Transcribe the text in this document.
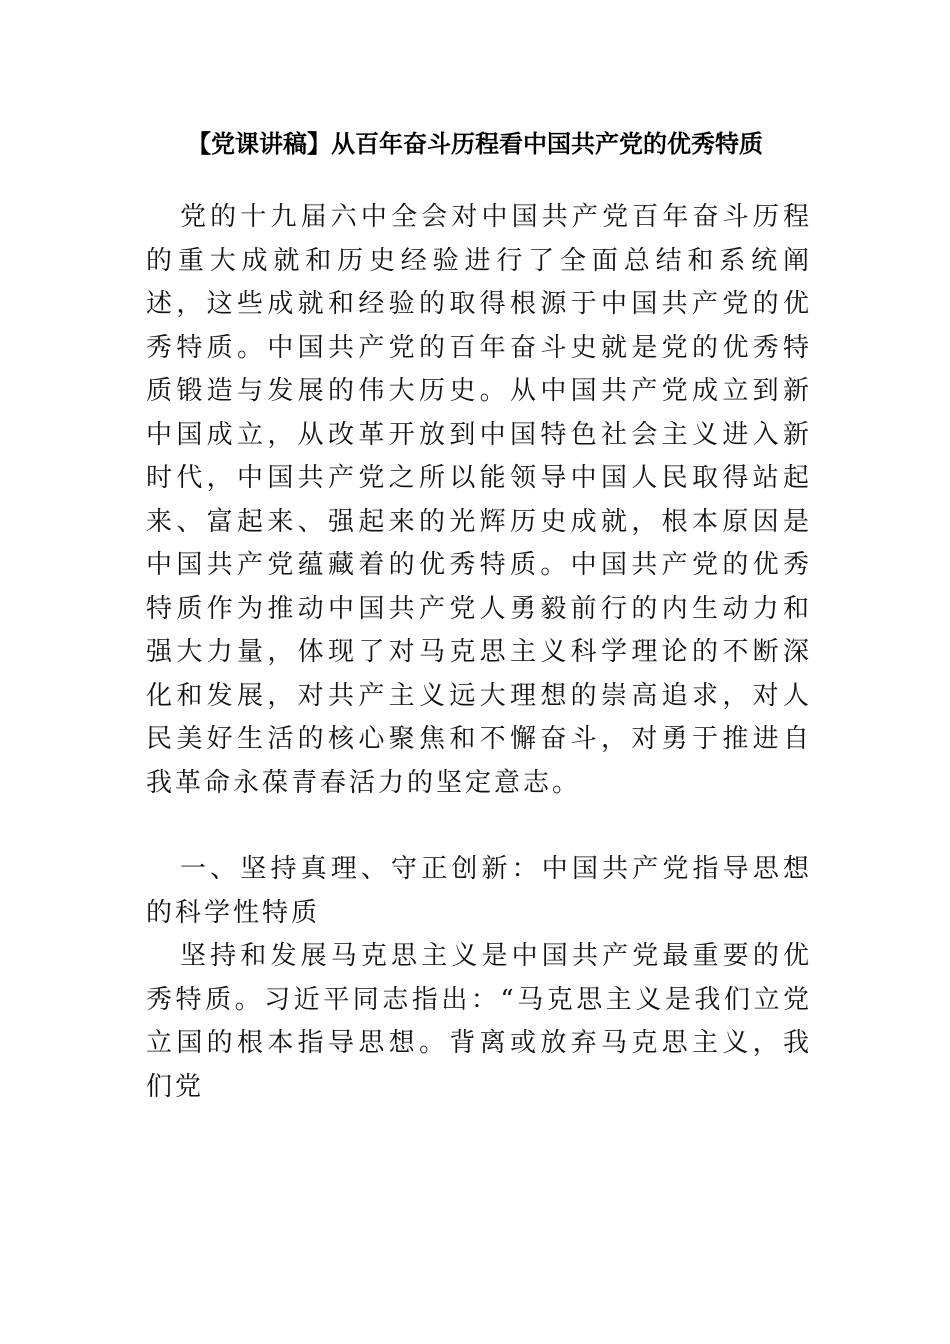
【党课讲稿】从百年奋斗历程看中国共产党的优秀特质

党的十九届六中全会对中国共产党百年奋斗历程的重大成就和历史经验进行了全面总结和系统阐述，这些成就和经验的取得根源于中国共产党的优秀特质。中国共产党的百年奋斗史就是党的优秀特质锻造与发展的伟大历史。从中国共产党成立到新中国成立，从改革开放到中国特色社会主义进入新时代，中国共产党之所以能领导中国人民取得站起来、富起来、强起来的光辉历史成就，根本原因是中国共产党蕴藏着的优秀特质。中国共产党的优秀特质作为推动中国共产党人勇毅前行的内生动力和强大力量，体现了对马克思主义科学理论的不断深化和发展，对共产主义远大理想的崇高追求，对人民美好生活的核心聚焦和不懈奋斗，对勇于推进自我革命永葆青春活力的坚定意志。

一、坚持真理、守正创新：中国共产党指导思想的科学性特质

坚持和发展马克思主义是中国共产党最重要的优秀特质。习近平同志指出：“马克思主义是我们立党立国的根本指导思想。背离或放弃马克思主义，我们党
